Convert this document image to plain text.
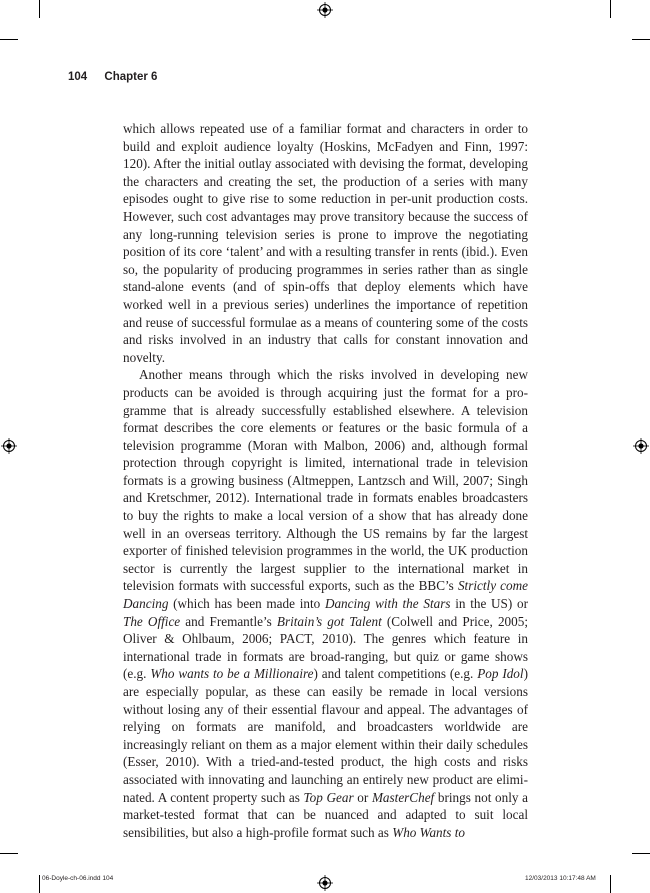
104 Chapter 6

which allows repeated use of a familiar format and characters in order to build and exploit audience loyalty (Hoskins, McFadyen and Finn, 1997: 120). After the initial outlay associated with devising the format, developing the characters and creating the set, the production of a series with many episodes ought to give rise to some reduction in per-unit production costs. However, such cost advantages may prove transitory because the success of any long-running television series is prone to improve the negotiating position of its core ‘talent’ and with a resulting transfer in rents (ibid.). Even so, the popularity of producing programmes in series rather than as single stand-alone events (and of spin-offs that deploy elements which have worked well in a previous series) underlines the importance of repetition and reuse of successful formulae as a means of countering some of the costs and risks involved in an industry that calls for constant innovation and novelty.

Another means through which the risks involved in developing new products can be avoided is through acquiring just the format for a programme that is already successfully established elsewhere. A television format describes the core elements or features or the basic formula of a television programme (Moran with Malbon, 2006) and, although formal protection through copyright is limited, international trade in television formats is a growing business (Altmeppen, Lantzsch and Will, 2007; Singh and Kretschmer, 2012). International trade in formats enables broadcasters to buy the rights to make a local version of a show that has already done well in an overseas territory. Although the US remains by far the largest exporter of finished television programmes in the world, the UK production sector is currently the largest supplier to the international market in television formats with successful exports, such as the BBC’s Strictly come Dancing (which has been made into Dancing with the Stars in the US) or The Office and Fremantle’s Britain’s got Talent (Colwell and Price, 2005; Oliver & Ohlbaum, 2006; PACT, 2010). The genres which feature in international trade in formats are broad-ranging, but quiz or game shows (e.g. Who wants to be a Millionaire) and talent competitions (e.g. Pop Idol) are especially popular, as these can easily be remade in local versions without losing any of their essential flavour and appeal. The advantages of relying on formats are manifold, and broadcasters worldwide are increasingly reliant on them as a major element within their daily schedules (Esser, 2010). With a tried-and-tested product, the high costs and risks associated with innovating and launching an entirely new product are eliminated. A content property such as Top Gear or MasterChef brings not only a market-tested format that can be nuanced and adapted to suit local sensibilities, but also a high-profile format such as Who Wants to

06-Doyle-ch-06.indd 104	12/03/2013 10:17:48 AM
